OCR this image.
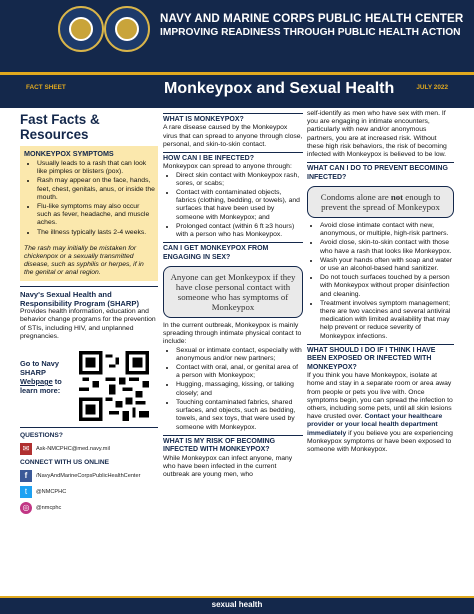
NAVY AND MARINE CORPS PUBLIC HEALTH CENTER
IMPROVING READINESS THROUGH PUBLIC HEALTH ACTION
FACT SHEET	Monkeypox and Sexual Health	JULY 2022
Fast Facts & Resources
MONKEYPOX SYMPTOMS
• Usually leads to a rash that can look like pimples or blisters (pox).
• Rash may appear on the face, hands, feet, chest, genitals, anus, or inside the mouth.
• Flu-like symptoms may also occur such as fever, headache, and muscle aches.
• The illness typically lasts 2-4 weeks.

The rash may initially be mistaken for chickenpox or a sexually transmitted disease, such as syphilis or herpes, if in the genital or anal region.

Navy's Sexual Health and Responsibility Program (SHARP)
Provides health information, education and behavior change programs for the prevention of STIs, including HIV, and unplanned pregnancies.
Go to Navy SHARP Webpage to learn more:
QUESTIONS?
✉	Ask-NMCPHC@med.navy.mil
CONNECT WITH US ONLINE
f	/NavyAndMarineCorpsPublicHealthCenter
t	@NMCPHC
◎	@nmcphc
WHAT IS MONKEYPOX?
A rare disease caused by the Monkeypox virus that can spread to anyone through close, personal, and skin-to-skin contact.
HOW CAN I BE INFECTED?
Monkeypox can spread to anyone through:
• Direct skin contact with Monkeypox rash, sores, or scabs;
• Contact with contaminated objects, fabrics (clothing, bedding, or towels), and surfaces that have been used by someone with Monkeypox; and
• Prolonged contact (within 6 ft ≥3 hours) with a person who has Monkeypox.
CAN I GET MONKEYPOX FROM ENGAGING IN SEX?
Anyone can get Monkeypox if they have close personal contact with someone who has symptoms of Monkeypox
In the current outbreak, Monkeypox is mainly spreading through intimate physical contact to include:
• Sexual or intimate contact, especially with anonymous and/or new partners;
• Contact with oral, anal, or genital area of a person with Monkeypox;
• Hugging, massaging, kissing, or talking closely; and
• Touching contaminated fabrics, shared surfaces, and objects, such as bedding, towels, and sex toys, that were used by someone with Monkeypox.
WHAT IS MY RISK OF BECOMING INFECTED WITH MONKEYPOX?
While Monkeypox can infect anyone, many who have been infected in the current outbreak are young men, who
self-identify as men who have sex with men. If you are engaging in intimate encounters, particularly with new and/or anonymous partners, you are at increased risk. Without these high risk behaviors, the risk of becoming infected with Monkeypox is believed to be low.
WHAT CAN I DO TO PREVENT BECOMING INFECTED?
Condoms alone are not enough to prevent the spread of Monkeypox
• Avoid close intimate contact with new, anonymous, or multiple, high-risk partners.
• Avoid close, skin-to-skin contact with those who have a rash that looks like Monkeypox.
• Wash your hands often with soap and water or use an alcohol-based hand sanitizer.
• Do not touch surfaces touched by a person with Monkeypox without proper disinfection and cleaning.
• Treatment involves symptom management; there are two vaccines and several antiviral medication with limited availability that may help prevent or reduce severity of Monkeypox infections.
WHAT SHOULD I DO IF I THINK I HAVE BEEN EXPOSED OR INFECTED WITH MONKEYPOX?
If you think you have Monkeypox, isolate at home and stay in a separate room or area away from people or pets you live with. Once symptoms begin, you can spread the infection to others, including some pets, until all skin lesions have crusted over. Contact your healthcare provider or your local health department immediately if you believe you are experiencing Monkeypox symptoms or have been exposed to someone with Monkeypox.
sexual health
